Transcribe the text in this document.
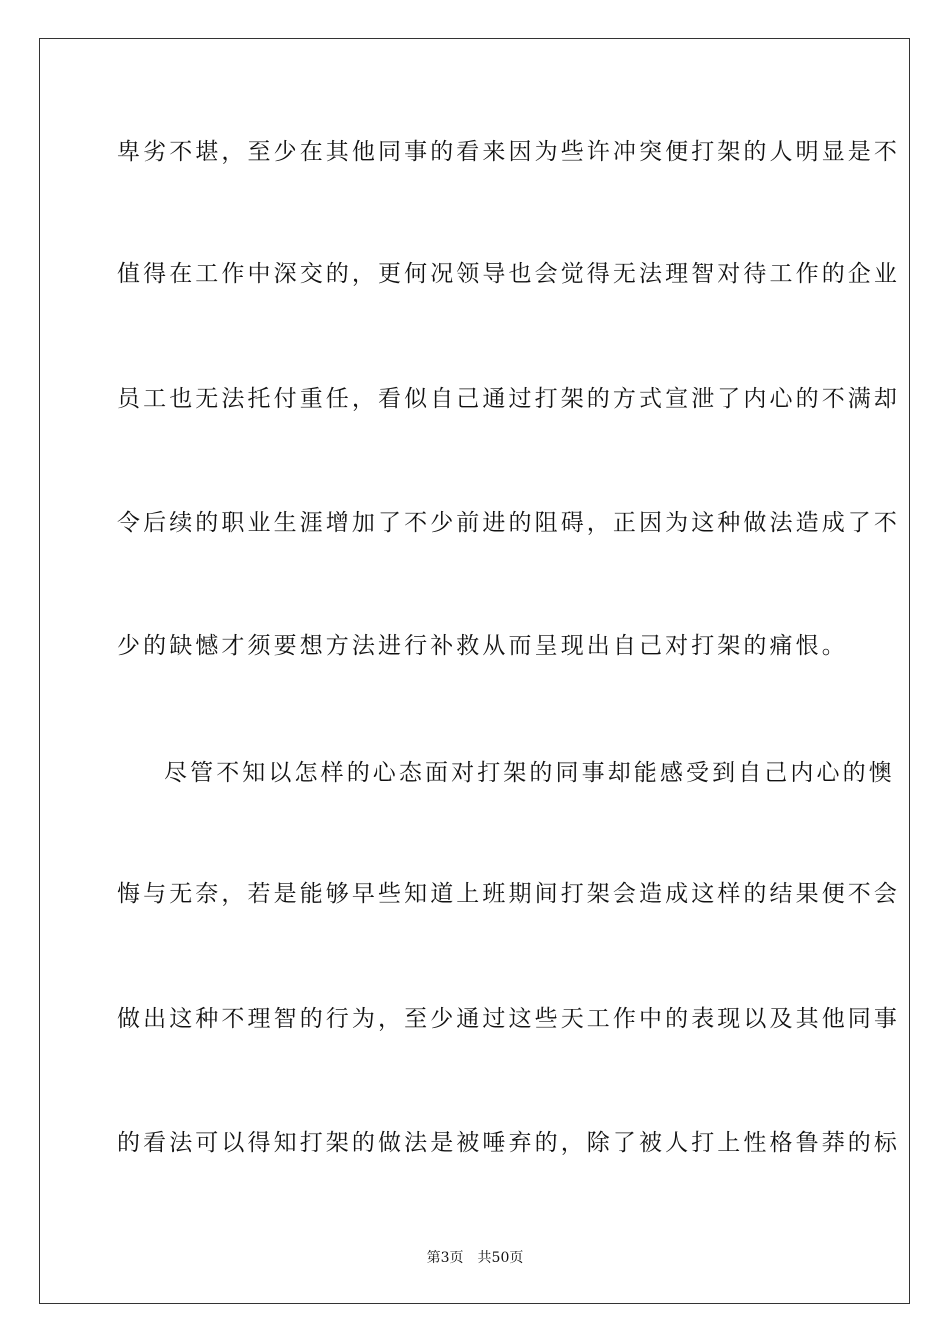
卑劣不堪，至少在其他同事的看来因为些许冲突便打架的人明显是不
值得在工作中深交的，更何况领导也会觉得无法理智对待工作的企业
员工也无法托付重任，看似自己通过打架的方式宣泄了内心的不满却
令后续的职业生涯增加了不少前进的阻碍，正因为这种做法造成了不
少的缺憾才须要想方法进行补救从而呈现出自己对打架的痛恨。
尽管不知以怎样的心态面对打架的同事却能感受到自己内心的懊
悔与无奈，若是能够早些知道上班期间打架会造成这样的结果便不会
做出这种不理智的行为，至少通过这些天工作中的表现以及其他同事
的看法可以得知打架的做法是被唾弃的，除了被人打上性格鲁莽的标
第3页 共50页
